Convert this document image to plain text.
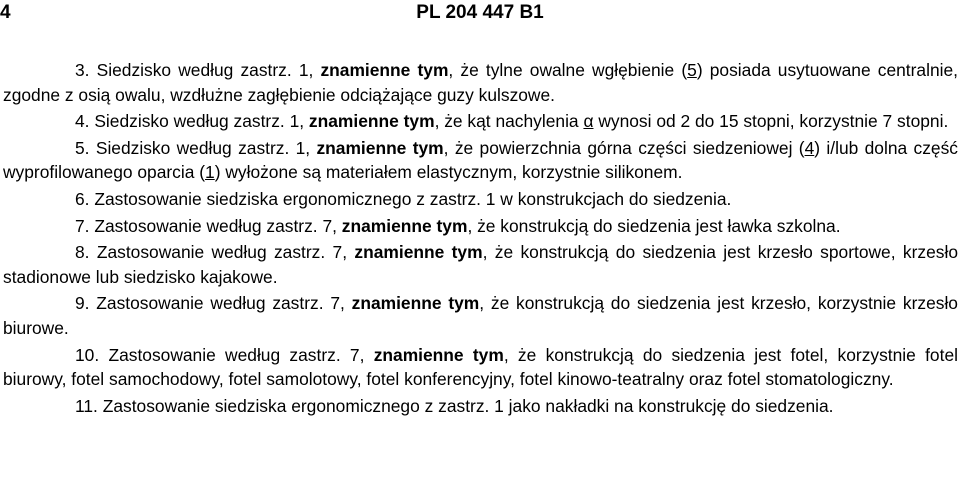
4	PL 204 447 B1

3. Siedzisko według zastrz. 1, znamienne tym, że tylne owalne wgłębienie (5) posiada usytuowane centralnie, zgodne z osią owalu, wzdłużne zagłębienie odciążające guzy kulszowe.

4. Siedzisko według zastrz. 1, znamienne tym, że kąt nachylenia α wynosi od 2 do 15 stopni, korzystnie 7 stopni.

5. Siedzisko według zastrz. 1, znamienne tym, że powierzchnia górna części siedzeniowej (4) i/lub dolna część wyprofilowanego oparcia (1) wyłożone są materiałem elastycznym, korzystnie silikonem.

6. Zastosowanie siedziska ergonomicznego z zastrz. 1 w konstrukcjach do siedzenia.

7. Zastosowanie według zastrz. 7, znamienne tym, że konstrukcją do siedzenia jest ławka szkolna.

8. Zastosowanie według zastrz. 7, znamienne tym, że konstrukcją do siedzenia jest krzesło sportowe, krzesło stadionowe lub siedzisko kajakowe.

9. Zastosowanie według zastrz. 7, znamienne tym, że konstrukcją do siedzenia jest krzesło, korzystnie krzesło biurowe.

10. Zastosowanie według zastrz. 7, znamienne tym, że konstrukcją do siedzenia jest fotel, korzystnie fotel biurowy, fotel samochodowy, fotel samolotowy, fotel konferencyjny, fotel kinowo-teatralny oraz fotel stomatologiczny.

11. Zastosowanie siedziska ergonomicznego z zastrz. 1 jako nakładki na konstrukcję do siedzenia.
